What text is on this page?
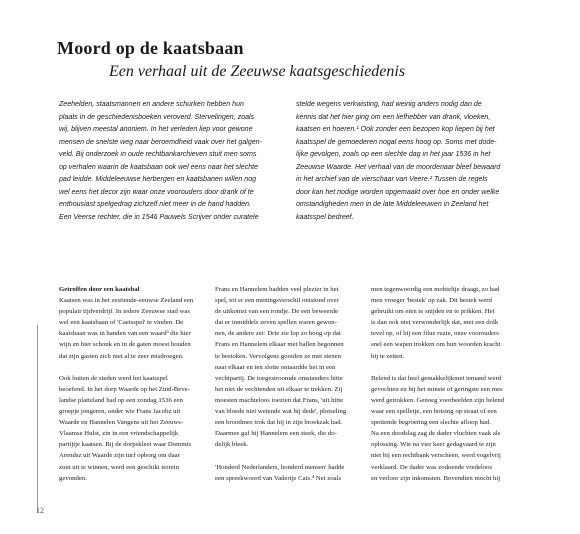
Moord op de kaatsbaan
Een verhaal uit de Zeeuwse kaatsgeschiedenis

Zeehelden, staatsmannen en andere schurken hebben hun
plaats in de geschiedenisboeken veroverd. Stervelingen, zoals
wij, blijven meestal anoniem. In het verleden liep voor gewone
mensen de snelste weg naar beroemdheid vaak over het galgen-
veld. Bij onderzoek in oude rechtbankarchieven stuit men soms
op verhalen waarin de kaatsbaan ook wel eens naar het slechte
pad leidde. Middeleeuwse herbergen en kaatsbanen willen nog
wel eens het decor zijn waar onze voorouders door drank of te
enthousiast spelgedrag zichzelf niet meer in de hand hadden.
Een Veerse rechter, die in 1546 Pauwels Scrijver onder curatele

stelde wegens verkwisting, had weinig anders nodig dan de
kennis dat het hier ging om een liefhebber van drank, vloeken,
kaatsen en hoeren.¹ Ook zonder een bezopen kop liepen bij het
kaatsspel de gemoederen nogal eens hoog op. Soms met dode-
lijke gevolgen, zoals op een slechte dag in het jaar 1536 in het
Zeeuwse Waarde. Het verhaal van de moordenaar bleef bewaard
in het archief van de vierschaar van Veere.² Tussen de regels
door kan het nodige worden opgemaakt over hoe en onder welke
omstandigheden men in de late Middeleeuwen in Zeeland het
kaatsspel bedreef.

Getroffen door een kaatsbal
Kaatsen was in het zestiende-eeuwse Zeeland een
populair tijdverdrijf. In iedere Zeeuwse stad was
wel een kaatsbaan of 'Caetsspel' te vinden. De
kaatsbaan was in handen van een waard³ die hier
wijn en bier schonk en in de gaten moest houden
dat zijn gasten zich niet al te zeer misdroegen.
Ook buiten de steden werd het kaatsspel
beoefend. In het dorp Waarde op het Zuid-Beve-
landse platteland had op een zondag 1536 een
groepje jongeren, onder wie Frans Jacobz uit
Waarde en Hannelen Vangens uit het Zeeuws-
Vlaamse Hulst, zin in een vriendschappelijk
partijtje kaatsen. Bij de dorpskleet waar Dommis
Arendsz uit Waarde zijn turf opborg om daar
zout uit te winnen, werd een geschikt terrein
gevonden.
Frans en Hannelem hadden veel plezier in het
spel, tot er een meningsverschil ontstond over
de uitkomst van een rondje. De een beweerde
dat er inmiddels zeven spellen waren gewon-
nen, de andere zei: Drie zie lop zo hoog op dat
Frans en Hannelem elkaar met ballen begonnen
te bestoken. Vervolgens gooiden ze met stenen
naar elkaar en ten slotte ontaardde het in een
vechtpartij. De toegestroomde omstanders hitte
het niet de vechtenden uit elkaar te trekken. Zij
moesten machteloos toezien dat Frans, 'uit hitte
van bloede niet wetende wat hij dede', plotseling
een broodmes trok dat hij in zijn broekzak had.
Daarmee gaf hij Hannelem een steek, die do-
delijk bleek.
'Honderd Nederlanders, honderd mensen' hadde
een spreekwoord van Vadertje Cats.⁴ Net zoals
men tegenwoordig een mobieltje draagt, zo had
men vroeger 'bestek' op zak. Dit bestek werd
gebruikt om eten te snijden en te prikken. Het
is dan ook niet verwonderlijk dat, met een dolk
tevel op, of bij een filue ruzie, onze voorouders
snel een wapen trokken om hun woorden kracht
bij te zetten.
Belend is dat heel gemakkelijkmet iemand werd
gevochten en bij het minste of geringste een mes
werd getrokken. Genoeg voorbeelden zijn belend
waar een spelletje, een botsing op straat of een
spottende begroeting een slechte afloop had.
Na een doodslag zag de dader vluchten vaak als
oplossing. Wie na vier keer gedagvaard te zijn
niet bij een rechtbank verscheen, werd vogelvrij
verklaard. De dader was zodoende vredeloos
en verloor zijn inkomsten. Bovendien mocht hij
12
